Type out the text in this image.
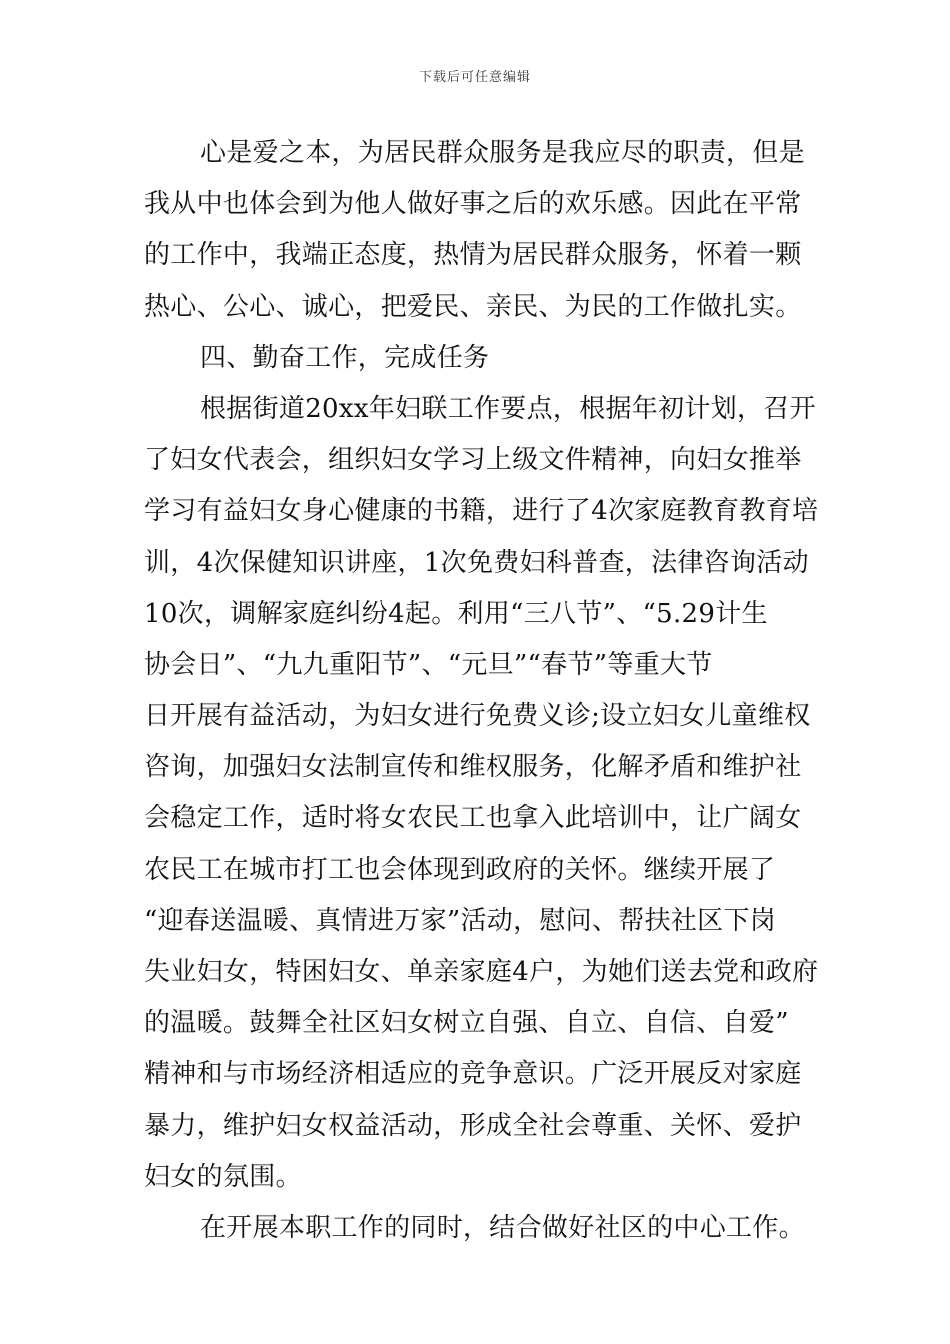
下载后可任意编辑
心是爱之本，为居民群众服务是我应尽的职责，但是
我从中也体会到为他人做好事之后的欢乐感。因此在平常
的工作中，我端正态度，热情为居民群众服务，怀着一颗
热心、公心、诚心，把爱民、亲民、为民的工作做扎实。
四、勤奋工作，完成任务
根据街道20xx年妇联工作要点，根据年初计划，召开
了妇女代表会，组织妇女学习上级文件精神，向妇女推举
学习有益妇女身心健康的书籍，进行了4次家庭教育教育培
训，4次保健知识讲座，1次免费妇科普查，法律咨询活动
10次，调解家庭纠纷4起。利用“三八节”、“5.29计生
协会日”、“九九重阳节”、“元旦”“春节”等重大节
日开展有益活动，为妇女进行免费义诊;设立妇女儿童维权
咨询，加强妇女法制宣传和维权服务，化解矛盾和维护社
会稳定工作，适时将女农民工也拿入此培训中，让广阔女
农民工在城市打工也会体现到政府的关怀。继续开展了
“迎春送温暖、真情进万家”活动，慰问、帮扶社区下岗
失业妇女，特困妇女、单亲家庭4户，为她们送去党和政府
的温暖。鼓舞全社区妇女树立自强、自立、自信、自爱”
精神和与市场经济相适应的竞争意识。广泛开展反对家庭
暴力，维护妇女权益活动，形成全社会尊重、关怀、爱护
妇女的氛围。
在开展本职工作的同时，结合做好社区的中心工作。
